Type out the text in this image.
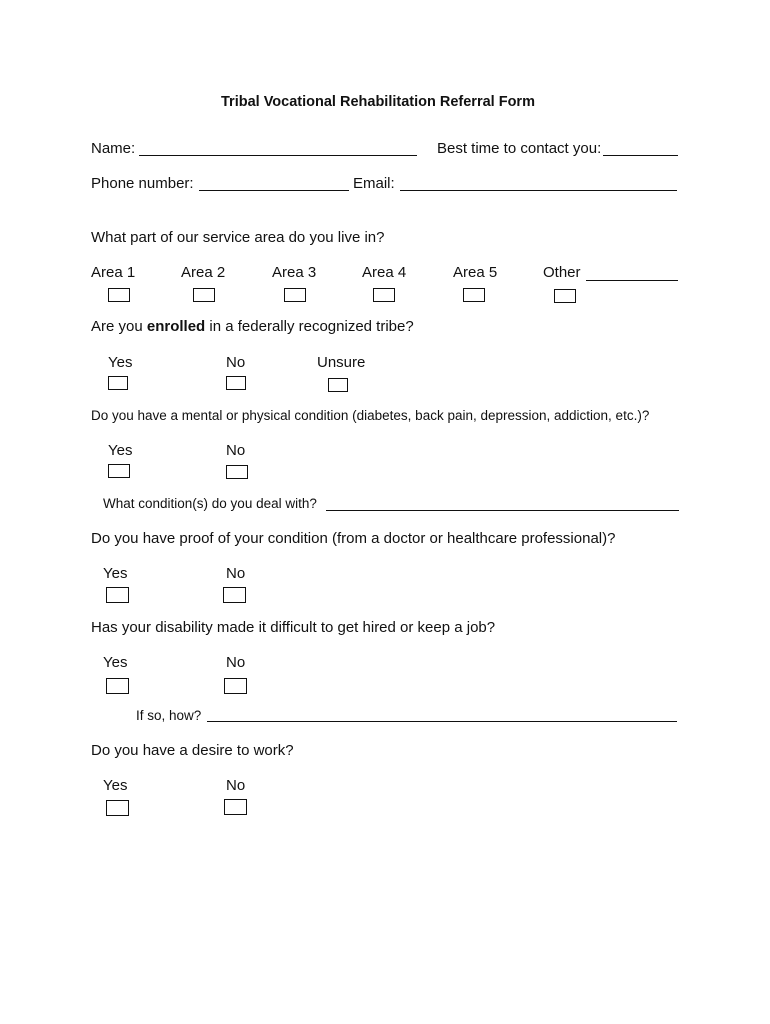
Tribal Vocational Rehabilitation Referral Form
Name:	Best time to contact you:
Phone number:	Email:
What part of our service area do you live in?
Area 1	Area 2	Area 3	Area 4	Area 5	Other
Are you enrolled in a federally recognized tribe?
Yes	No	Unsure
Do you have a mental or physical condition (diabetes, back pain, depression, addiction, etc.)?
Yes	No
What condition(s) do you deal with?
Do you have proof of your condition (from a doctor or healthcare professional)?
Yes	No
Has your disability made it difficult to get hired or keep a job?
Yes	No
If so, how?
Do you have a desire to work?
Yes	No
